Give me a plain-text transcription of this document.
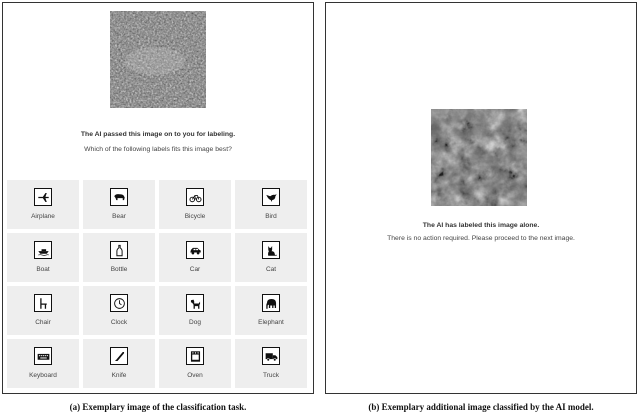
The AI passed this image on to you for labeling.
Which of the following labels fits this image best?
Airplane	Bear	Bicycle	Bird
Boat	Bottle	Car	Cat
Chair	Clock	Dog	Elephant
Keyboard	Knife	Oven	Truck
The AI has labeled this image alone.
There is no action required. Please proceed to the next image.
(a) Exemplary image of the classification task.	(b) Exemplary additional image classified by the AI model.
